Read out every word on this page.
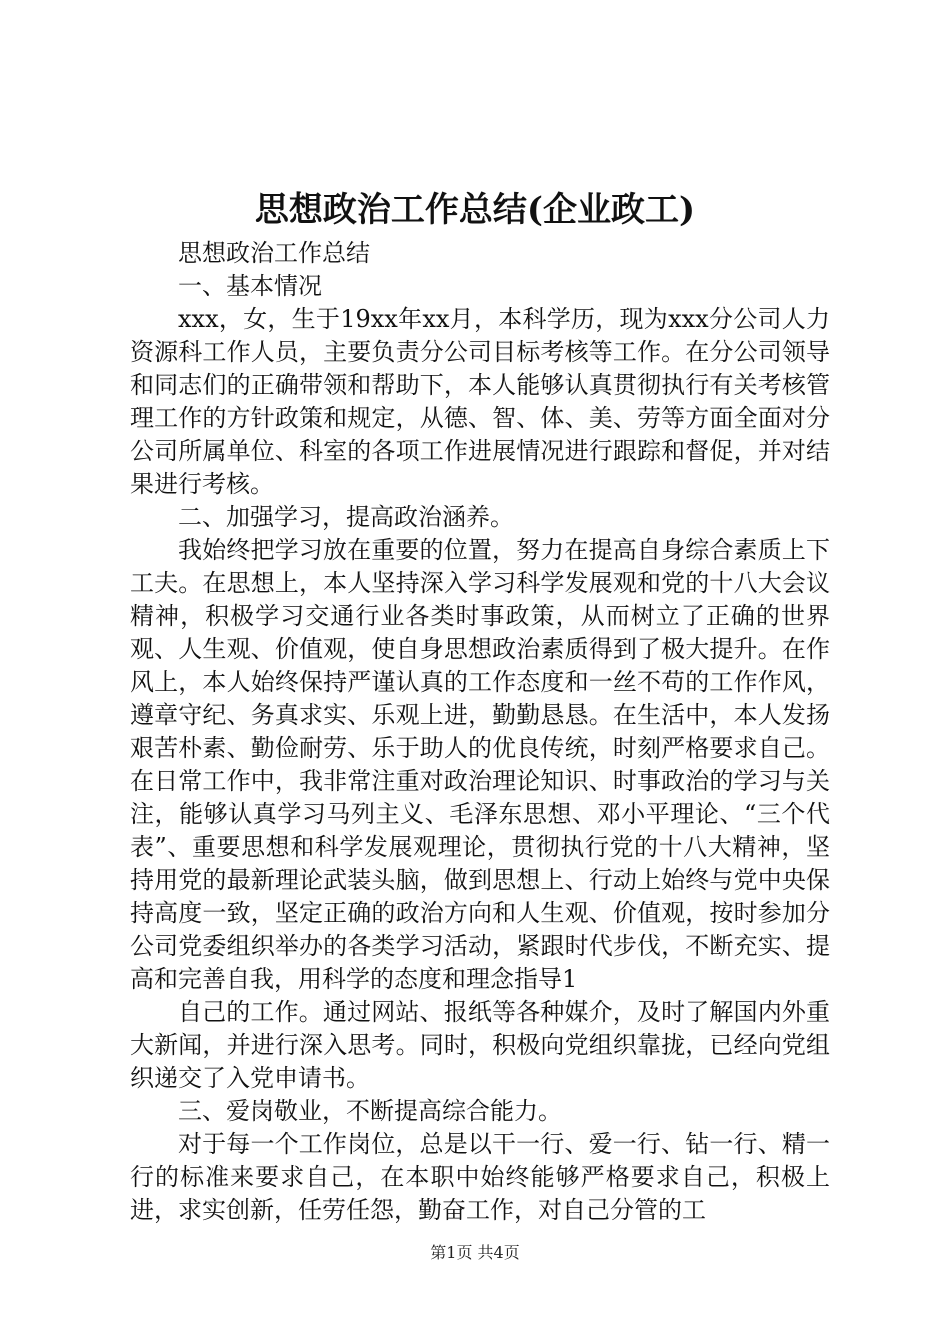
思想政治工作总结(企业政工)

思想政治工作总结

一、基本情况

xxx，女，生于19xx年xx月，本科学历，现为xxx分公司人力资源科工作人员，主要负责分公司目标考核等工作。在分公司领导和同志们的正确带领和帮助下，本人能够认真贯彻执行有关考核管理工作的方针政策和规定，从德、智、体、美、劳等方面全面对分公司所属单位、科室的各项工作进展情况进行跟踪和督促，并对结果进行考核。

二、加强学习，提高政治涵养。

我始终把学习放在重要的位置，努力在提高自身综合素质上下工夫。在思想上，本人坚持深入学习科学发展观和党的十八大会议精神，积极学习交通行业各类时事政策，从而树立了正确的世界观、人生观、价值观，使自身思想政治素质得到了极大提升。在作风上，本人始终保持严谨认真的工作态度和一丝不苟的工作作风，遵章守纪、务真求实、乐观上进，勤勤恳恳。在生活中，本人发扬艰苦朴素、勤俭耐劳、乐于助人的优良传统，时刻严格要求自己。在日常工作中，我非常注重对政治理论知识、时事政治的学习与关注，能够认真学习马列主义、毛泽东思想、邓小平理论、“三个代表”、重要思想和科学发展观理论，贯彻执行党的十八大精神，坚持用党的最新理论武装头脑，做到思想上、行动上始终与党中央保持高度一致，坚定正确的政治方向和人生观、价值观，按时参加分公司党委组织举办的各类学习活动，紧跟时代步伐，不断充实、提高和完善自我，用科学的态度和理念指导1

自己的工作。通过网站、报纸等各种媒介，及时了解国内外重大新闻，并进行深入思考。同时，积极向党组织靠拢，已经向党组织递交了入党申请书。

三、爱岗敬业，不断提高综合能力。

对于每一个工作岗位，总是以干一行、爱一行、钻一行、精一行的标准来要求自己，在本职中始终能够严格要求自己，积极上进，求实创新，任劳任怨，勤奋工作，对自己分管的工

第1页 共4页
